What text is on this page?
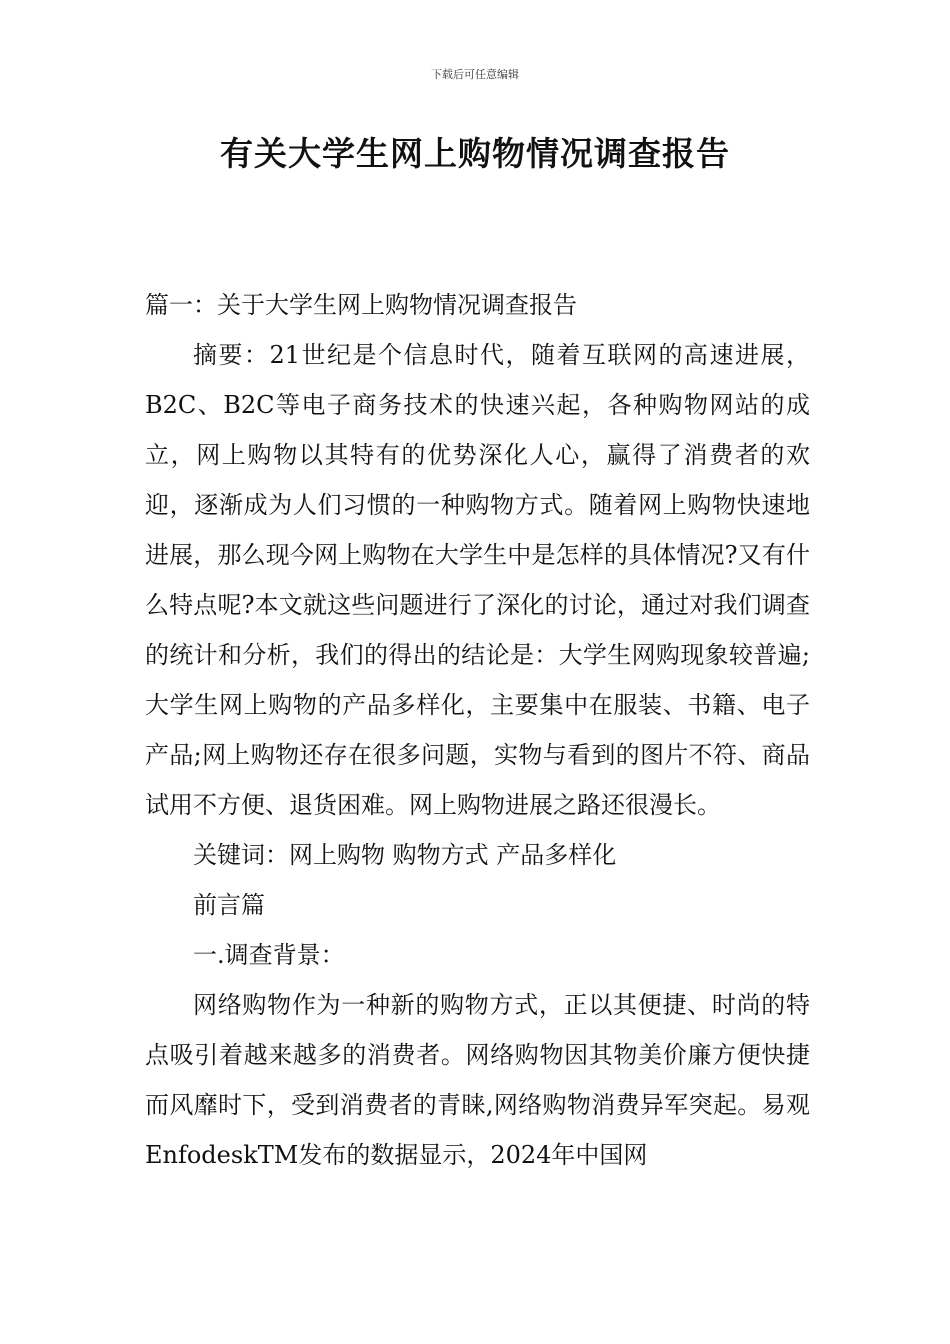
下载后可任意编辑
有关大学生网上购物情况调查报告

篇一：关于大学生网上购物情况调查报告

摘要：21世纪是个信息时代，随着互联网的高速进展，B2C、B2C等电子商务技术的快速兴起，各种购物网站的成立，网上购物以其特有的优势深化人心，赢得了消费者的欢迎，逐渐成为人们习惯的一种购物方式。随着网上购物快速地进展，那么现今网上购物在大学生中是怎样的具体情况?又有什么特点呢?本文就这些问题进行了深化的讨论，通过对我们调查的统计和分析，我们的得出的结论是：大学生网购现象较普遍;大学生网上购物的产品多样化，主要集中在服装、书籍、电子产品;网上购物还存在很多问题，实物与看到的图片不符、商品试用不方便、退货困难。网上购物进展之路还很漫长。

关键词：网上购物 购物方式 产品多样化

前言篇

一.调查背景：

网络购物作为一种新的购物方式，正以其便捷、时尚的特点吸引着越来越多的消费者。网络购物因其物美价廉方便快捷而风靡时下，受到消费者的青睐,网络购物消费异军突起。易观EnfodeskTM发布的数据显示，2024年中国网
